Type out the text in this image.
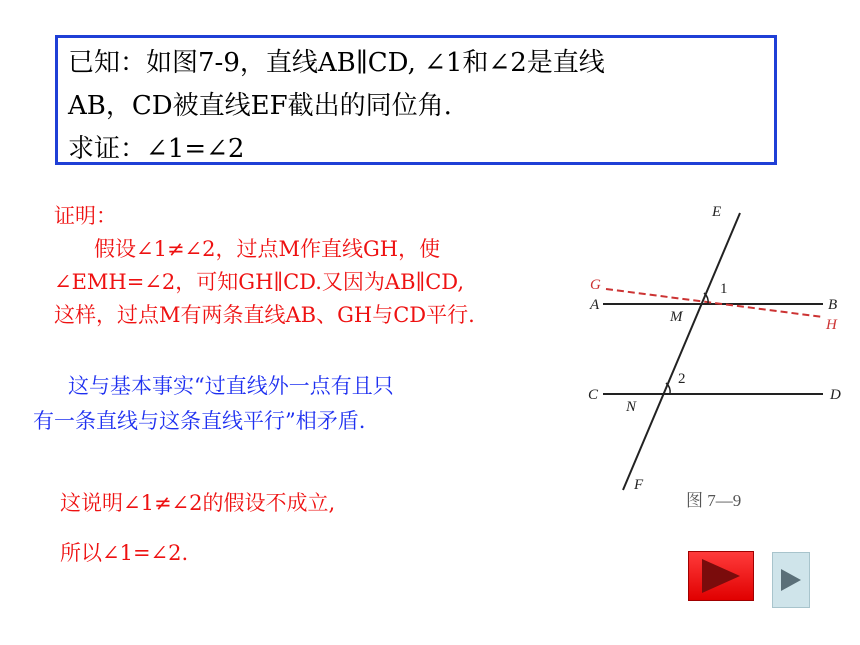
已知：如图7-9，直线AB∥CD, ∠1和∠2是直线
AB，CD被直线EF截出的同位角.
求证：∠1=∠2
证明：
假设∠1≠∠2，过点M作直线GH，使
∠EMH=∠2，可知GH∥CD.又因为AB∥CD,
这样，过点M有两条直线AB、GH与CD平行.
这与基本事实“过直线外一点有且只
有一条直线与这条直线平行”相矛盾.
这说明∠1≠∠2的假设不成立,
所以∠1=∠2.
E
G
A
1
B
M	H
2
C	D
N
F
图 7—9
